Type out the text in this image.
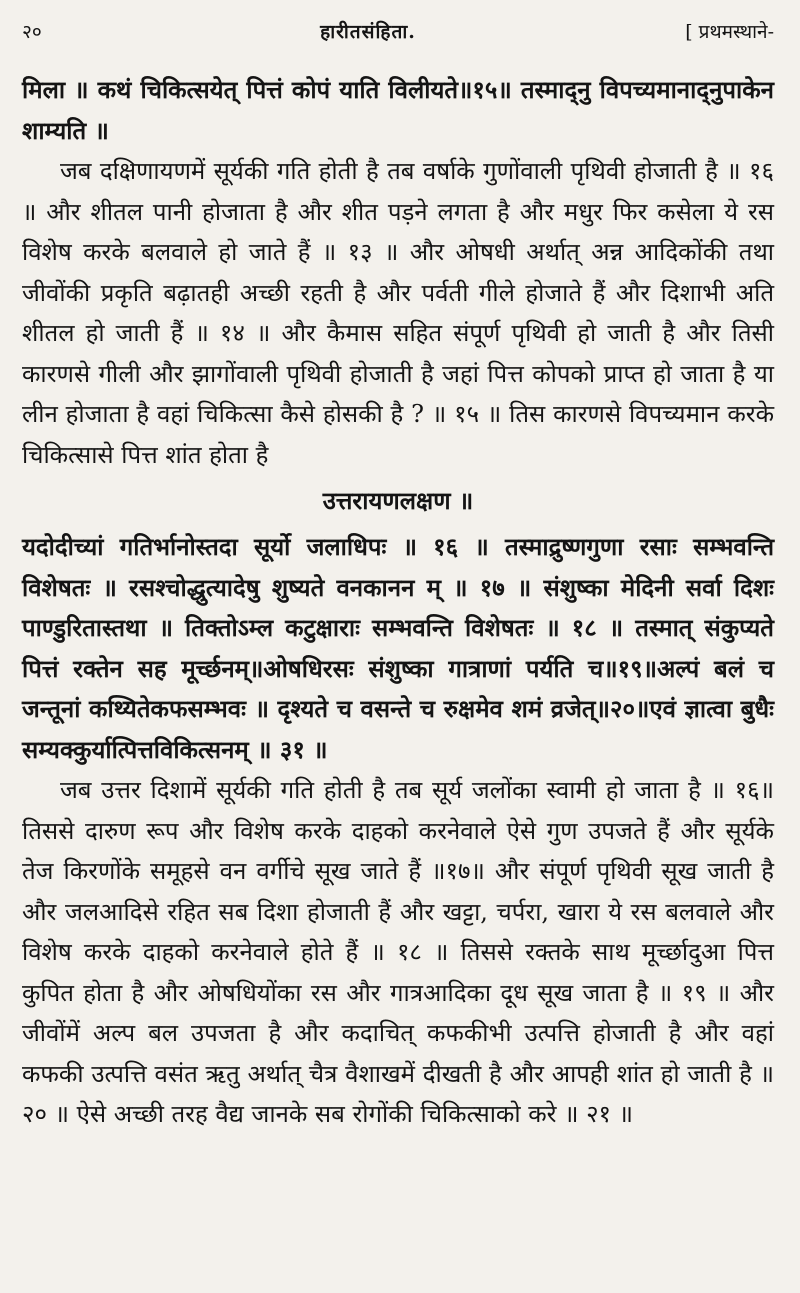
२०	हारीतसंहिता.	[ प्रथमस्थाने-

मिला ॥ कथं चिकित्सयेत् पित्तं कोपं याति विलीयते॥१५॥ तस्माद्नु विपच्यमानाद्नुपाकेन शाम्यति ॥

जब दक्षिणायणमें सूर्यकी गति होती है तब वर्षाके गुणोंवाली पृथिवी होजाती है ॥ १६ ॥ और शीतल पानी होजाता है और शीत पड़ने लगता है और मधुर फिर कसेला ये रस विशेष करके बलवाले हो जाते हैं ॥ १३ ॥ और ओषधी अर्थात् अन्न आदिकोंकी तथा जीवोंकी प्रकृति बढ़ातही अच्छी रहती है और पर्वती गीले होजाते हैं और दिशाभी अति शीतल हो जाती हैं ॥ १४ ॥ और कैमास सहित संपूर्ण पृथिवी हो जाती है और तिसी कारणसे गीली और झागोंवाली पृथिवी होजाती है जहां पित्त कोपको प्राप्त हो जाता है या लीन होजाता है वहां चिकित्सा कैसे होसकी है ? ॥ १५ ॥ तिस कारणसे विपच्यमान करके चिकित्सासे पित्त शांत होता है

उत्तरायणलक्षण ॥

यदोदीच्यां गतिर्भानोस्तदा सूर्यो जलाधिपः ॥ १६ ॥ तस्माद्रुष्णगुणा रसाः सम्भवन्ति विशेषतः ॥ रसश्चोद्धुत्यादेषु शुष्यते वनकानन म् ॥ १७ ॥ संशुष्का मेदिनी सर्वा दिशः पाण्डुरितास्तथा ॥ तिक्तोऽम्ल कटुक्षाराः सम्भवन्ति विशेषतः ॥ १८ ॥ तस्मात् संकुप्यते पित्तं रक्तेन सह मूर्च्छनम्॥ओषधिरसः संशुष्का गात्राणां पर्यति च॥१९॥अल्पं बलं च जन्तूनां कथ्यितेकफसम्भवः ॥ दृश्यते च वसन्ते च रुक्षमेव शमं व्रजेत्॥२०॥एवं ज्ञात्वा बुधैः सम्यक्कुर्यात्पित्तविकित्सनम् ॥ ३१ ॥

जब उत्तर दिशामें सूर्यकी गति होती है तब सूर्य जलोंका स्वामी हो जाता है ॥ १६॥ तिससे दारुण रूप और विशेष करके दाहको करनेवाले ऐसे गुण उपजते हैं और सूर्यके तेज किरणोंके समूहसे वन वर्गीचे सूख जाते हैं ॥१७॥ और संपूर्ण पृथिवी सूख जाती है और जलआदिसे रहित सब दिशा होजाती हैं और खट्टा, चर्परा, खारा ये रस बलवाले और विशेष करके दाहको करनेवाले होते हैं ॥ १८ ॥ तिससे रक्तके साथ मूर्च्छादुआ पित्त कुपित होता है और ओषधियोंका रस और गात्रआदिका दूध सूख जाता है ॥ १९ ॥ और जीवोंमें अल्प बल उपजता है और कदाचित् कफकीभी उत्पत्ति होजाती है और वहां कफकी उत्पत्ति वसंत ऋतु अर्थात् चैत्र वैशाखमें दीखती है और आपही शांत हो जाती है ॥ २० ॥ ऐसे अच्छी तरह वैद्य जानके सब रोगोंकी चिकित्साको करे ॥ २१ ॥
